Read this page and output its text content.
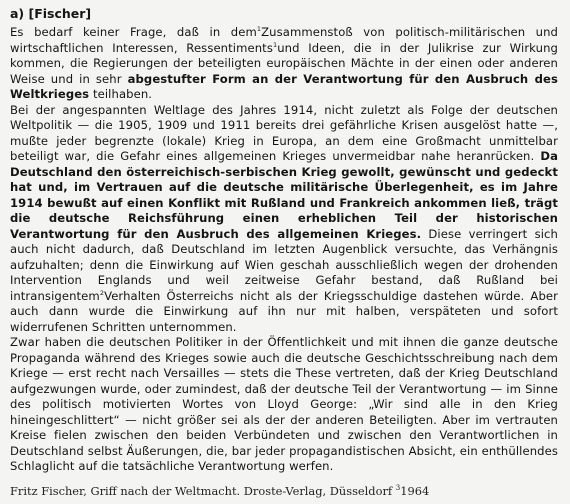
a) [Fischer]

Es bedarf keiner Frage, daß in dem$^1$Zusammenstoß von politisch-militärischen und wirtschaftlichen Interessen, Ressentiments$^1$und Ideen, die in der Julikrise zur Wirkung kommen, die Regierungen der beteiligten europäischen Mächte in der einen oder anderen Weise und in sehr abgestufter Form an der Verantwortung für den Ausbruch des Weltkrieges teilhaben.

Bei der angespannten Weltlage des Jahres 1914, nicht zuletzt als Folge der deutschen Weltpolitik — die 1905, 1909 und 1911 bereits drei gefährliche Krisen ausgelöst hatte —, mußte jeder begrenzte (lokale) Krieg in Europa, an dem eine Großmacht unmittelbar beteiligt war, die Gefahr eines allgemeinen Krieges unvermeidbar nahe heranrücken. Da Deutschland den österreichisch-serbischen Krieg gewollt, gewünscht und gedeckt hat und, im Vertrauen auf die deutsche militärische Überlegenheit, es im Jahre 1914 bewußt auf einen Konflikt mit Rußland und Frankreich ankommen ließ, trägt die deutsche Reichsführung einen erheblichen Teil der historischen Verantwortung für den Ausbruch des allgemeinen Krieges. Diese verringert sich auch nicht dadurch, daß Deutschland im letzten Augenblick versuchte, das Verhängnis aufzuhalten; denn die Einwirkung auf Wien geschah ausschließlich wegen der drohenden Intervention Englands und weil zeitweise Gefahr bestand, daß Rußland bei intransigentem$^2$Verhalten Österreichs nicht als der Kriegsschuldige dastehen würde. Aber auch dann wurde die Einwirkung auf ihn nur mit halben, verspäteten und sofort widerrufenen Schritten unternommen.

Zwar haben die deutschen Politiker in der Öffentlichkeit und mit ihnen die ganze deutsche Propaganda während des Krieges sowie auch die deutsche Geschichtsschreibung nach dem Kriege — erst recht nach Versailles — stets die These vertreten, daß der Krieg Deutschland aufgezwungen wurde, oder zumindest, daß der deutsche Teil der Verantwortung — im Sinne des politisch motivierten Wortes von Lloyd George: „Wir sind alle in den Krieg hineingeschlittert“ — nicht größer sei als der der anderen Beteiligten. Aber im vertrauten Kreise fielen zwischen den beiden Verbündeten und zwischen den Verantwortlichen in Deutschland selbst Äußerungen, die, bar jeder propagandistischen Absicht, ein enthüllendes Schlaglicht auf die tatsächliche Verantwortung werfen.

Fritz Fischer, Griff nach der Weltmacht. Droste-Verlag, Düsseldorf $^3$1964
